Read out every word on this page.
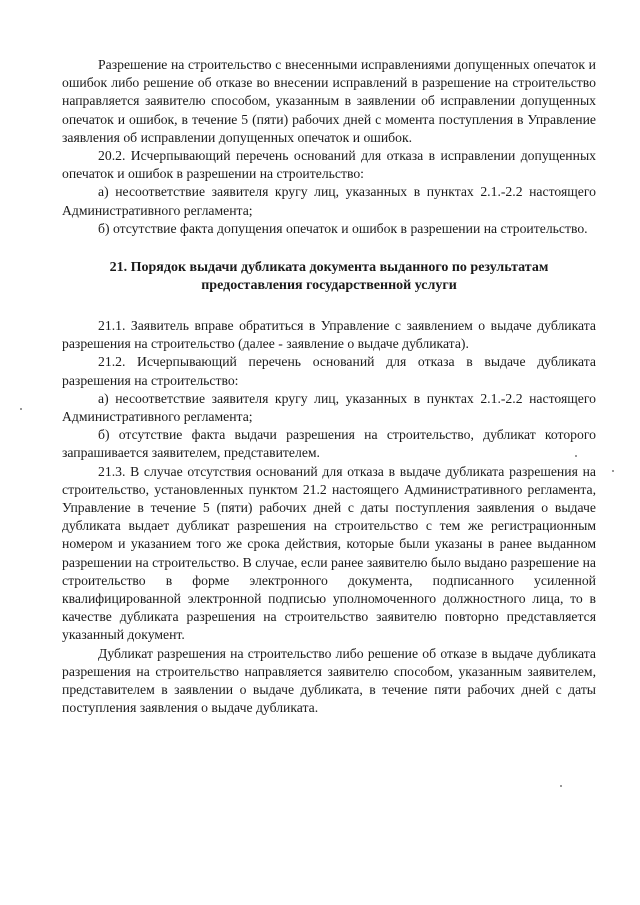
Разрешение на строительство с внесенными исправлениями допущенных опечаток и ошибок либо решение об отказе во внесении исправлений в разрешение на строительство направляется заявителю способом, указанным в заявлении об исправлении допущенных опечаток и ошибок, в течение 5 (пяти) рабочих дней с момента поступления в Управление заявления об исправлении допущенных опечаток и ошибок.

20.2. Исчерпывающий перечень оснований для отказа в исправлении допущенных опечаток и ошибок в разрешении на строительство:

а) несоответствие заявителя кругу лиц, указанных в пунктах 2.1.-2.2 настоящего Административного регламента;

б) отсутствие факта допущения опечаток и ошибок в разрешении на строительство.

21. Порядок выдачи дубликата документа выданного по результатам
предоставления государственной услуги

21.1. Заявитель вправе обратиться в Управление с заявлением о выдаче дубликата разрешения на строительство (далее - заявление о выдаче дубликата).

21.2. Исчерпывающий перечень оснований для отказа в выдаче дубликата разрешения на строительство:

а) несоответствие заявителя кругу лиц, указанных в пунктах 2.1.-2.2 настоящего Административного регламента;

б) отсутствие факта выдачи разрешения на строительство, дубликат которого запрашивается заявителем, представителем.

21.3. В случае отсутствия оснований для отказа в выдаче дубликата разрешения на строительство, установленных пунктом 21.2 настоящего Административного регламента, Управление в течение 5 (пяти) рабочих дней с даты поступления заявления о выдаче дубликата выдает дубликат разрешения на строительство с тем же регистрационным номером и указанием того же срока действия, которые были указаны в ранее выданном разрешении на строительство. В случае, если ранее заявителю было выдано разрешение на строительство в форме электронного документа, подписанного усиленной квалифицированной электронной подписью уполномоченного должностного лица, то в качестве дубликата разрешения на строительство заявителю повторно представляется указанный документ.

Дубликат разрешения на строительство либо решение об отказе в выдаче дубликата разрешения на строительство направляется заявителю способом, указанным заявителем, представителем в заявлении о выдаче дубликата, в течение пяти рабочих дней с даты поступления заявления о выдаче дубликата.
